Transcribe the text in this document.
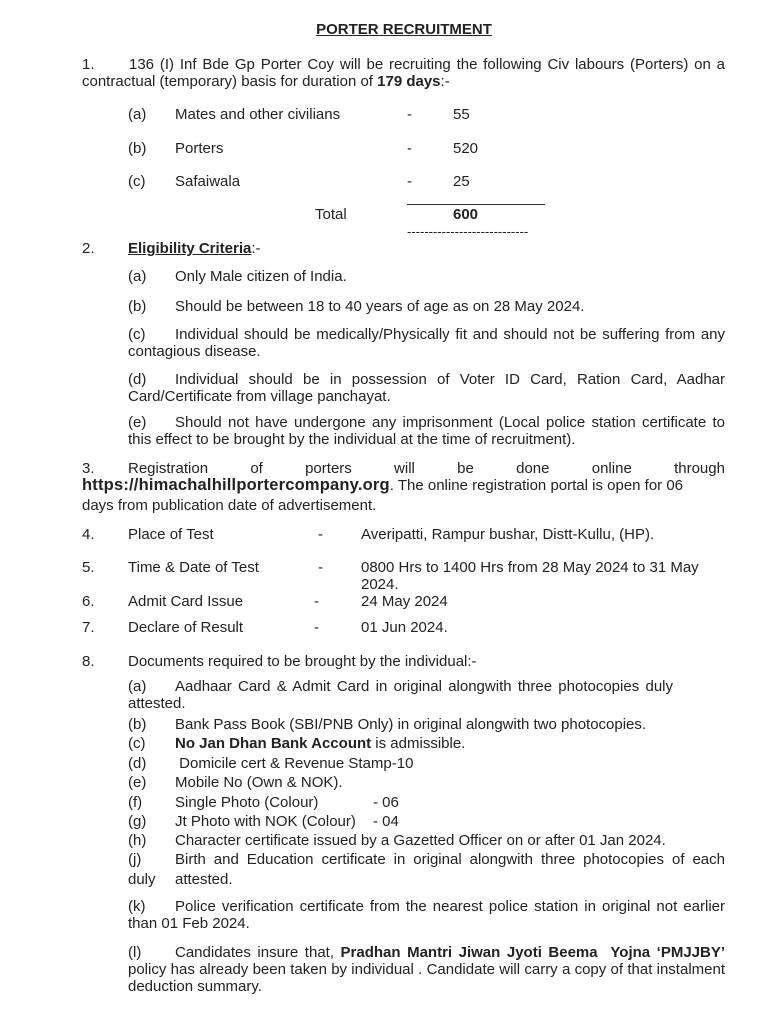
PORTER RECRUITMENT
1.	136 (I) Inf Bde Gp Porter Coy will be recruiting the following Civ labours (Porters) on a contractual (temporary) basis for duration of 179 days:-
(a) Mates and other civilians	-	55
(b) Porters	-	520
(c) Safaiwala	-	25
Total	600
----------------------------
2. Eligibility Criteria:-
(a) Only Male citizen of India.
(b) Should be between 18 to 40 years of age as on 28 May 2024.
(c)	Individual should be medically/Physically fit and should not be suffering from any contagious disease.
(d)	Individual should be in possession of Voter ID Card, Ration Card, Aadhar Card/Certificate from village panchayat.
(e)	Should not have undergone any imprisonment (Local police station certificate to this effect to be brought by the individual at the time of recruitment).
3. Registration	of	porters	will	be	done	online	through
https://himachalhillportercompany.org. The online registration portal is open for 06
days from publication date of advertisement.
4. Place of Test	-	Averipatti, Rampur bushar, Distt-Kullu, (HP).
5. Time & Date of Test	-	0800 Hrs to 1400 Hrs from 28 May 2024 to 31 May
2024.
6. Admit Card Issue	-	24 May 2024
7. Declare of Result	-	01 Jun 2024.
8. Documents required to be brought by the individual:-
(a)	Aadhaar Card & Admit Card in original alongwith three photocopies duly attested.
(b) Bank Pass Book (SBI/PNB Only) in original alongwith two photocopies.
(c) No Jan Dhan Bank Account is admissible.
(d) Domicile cert & Revenue Stamp-10
(e) Mobile No (Own & NOK).
(f) Single Photo (Colour)	- 06
(g) Jt Photo with NOK (Colour) - 04
(h) Character certificate issued by a Gazetted Officer on or after 01 Jan 2024.
(j) Birth and Education certificate in original alongwith three photocopies of each
duly attested.
(k)	Police verification certificate from the nearest police station in original not earlier than 01 Feb 2024.
(l)	Candidates insure that, Pradhan Mantri Jiwan Jyoti Beema  Yojna ‘PMJJBY’ policy has already been taken by individual . Candidate will carry a copy of that instalment deduction summary.
